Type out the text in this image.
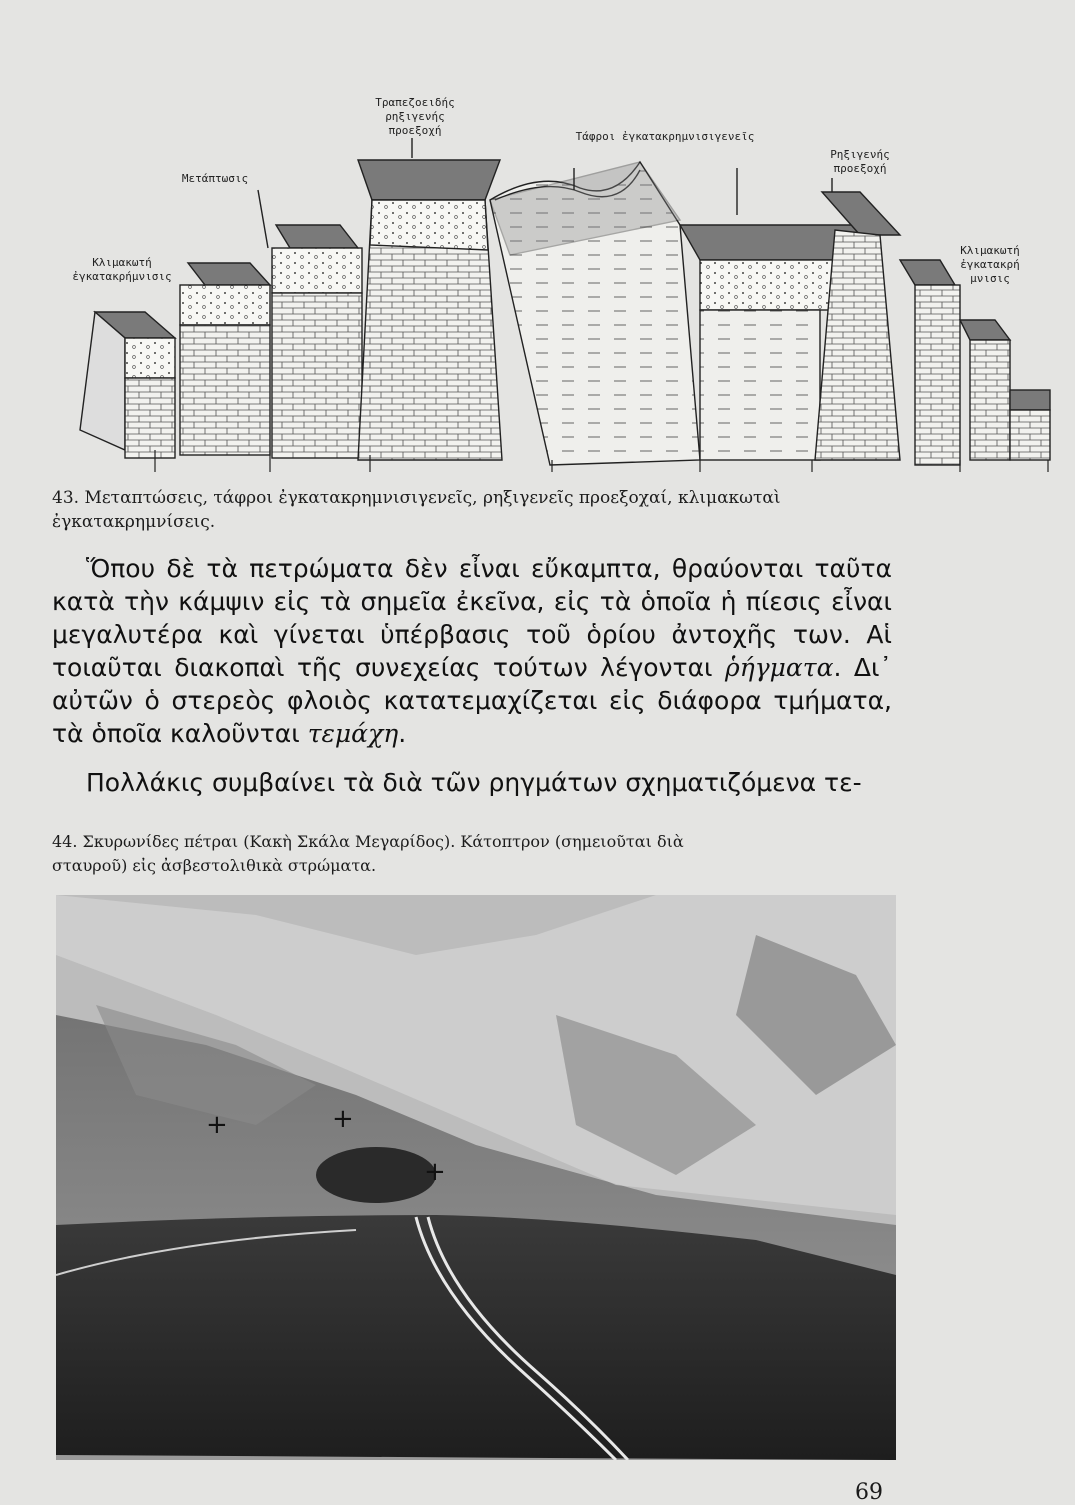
Τραπεζοειδής
ρηξιγενής
προεξοχή	Τάφροι ἐγκατακρημνισιγενεῖς
Ρηξιγενής
προεξοχή
Μετάπτωσις
Κλιμακωτή
ἐγκατακρήμνισις
Κλιμακωτή
ἐγκατακρή
μνισις
43. Μεταπτώσεις, τάφροι ἐγκατακρημνισιγενεῖς, ρηξιγενεῖς προεξοχαί, κλιμακωταὶ
ἐγκατακρημνίσεις.
Ὅπου δὲ τὰ πετρώματα δὲν εἶναι εὔκαμπτα, θραύονται ταῦτα κατὰ τὴν κάμψιν εἰς τὰ σημεῖα ἐκεῖνα, εἰς τὰ ὁποῖα ἡ πίεσις εἶναι μεγαλυτέρα καὶ γίνεται ὑπέρβασις τοῦ ὁρίου ἀντοχῆς των. Αἱ τοιαῦται διακοπαὶ τῆς συνεχείας τούτων λέγονται ῥήγματα. Δι᾽ αὐτῶν ὁ στερεὸς φλοιὸς κατατεμαχίζεται εἰς διάφορα τμήματα, τὰ ὁποῖα καλοῦνται τεμάχη.
Πολλάκις συμβαίνει τὰ διὰ τῶν ρηγμάτων σχηματιζόμενα τε-
44. Σκυρωνίδες πέτραι (Κακὴ Σκάλα Μεγαρίδος). Κάτοπτρον (σημειοῦται διὰ
σταυροῦ) εἰς ἀσβεστολιθικὰ στρώματα.
+	+
+
69
